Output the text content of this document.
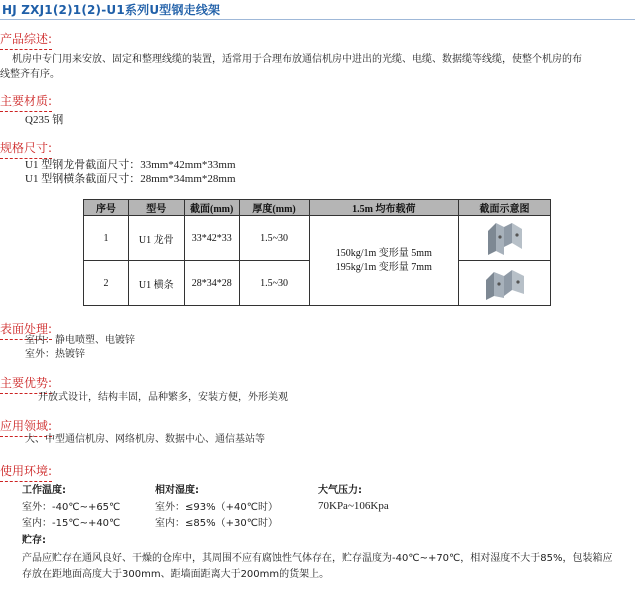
HJ ZXJ1(2)1(2)-U1系列U型钢走线架
产品综述:
机房中专门用来安放、固定和整理线缆的装置，适常用于合理布放通信机房中进出的光缆、电缆、数据缆等线缆，使整个机房的布
线整齐有序。
主要材质:
Q235 钢
规格尺寸:
U1 型钢龙骨截面尺寸：33mm*42mm*33mm
U1 型钢横条截面尺寸：28mm*34mm*28mm
序号	型号	截面(mm)	厚度(mm)	1.5m 均布载荷	截面示意图
1	U1 龙骨	33*42*33	1.5~30	150kg/1m 变形量 5mm
195kg/1m 变形量 7mm

2	U1 横条	28*34*28	1.5~30	
表面处理:
室内：静电喷塑、电镀锌
室外：热镀锌
主要优势:
开放式设计，结构丰固，品种繁多，安装方便，外形美观
应用领域:
大、中型通信机房、网络机房、数据中心、通信基站等
使用环境:
工作温度:	相对湿度:	大气压力:
室外：-40℃~+65℃	室外：≤93%（+40℃时）	70KPa~106Kpa
室内：-15℃~+40℃	室内：≤85%（+30℃时）
贮存:
产品应贮存在通风良好、干燥的仓库中，其周围不应有腐蚀性气体存在，贮存温度为-40℃~+70℃，相对湿度不大于85%，包装箱应
存放在距地面高度大于300mm、距墙面距离大于200mm的货架上。
